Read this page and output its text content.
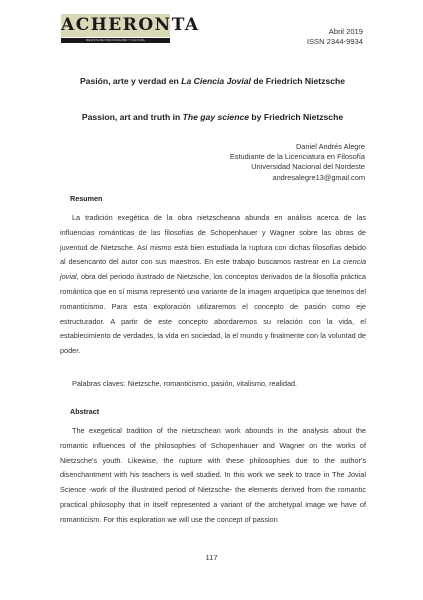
ACHERONTA
REVISTA DE PSICOANÁLISIS Y CULTURA
Abril 2019
ISSN 2344-9934
Pasión, arte y verdad en La Ciencia Jovial de Friedrich Nietzsche
Passion, art and truth in The gay science by Friedrich Nietzsche
Daniel Andrés Alegre
Estudiante de la Licenciatura en Filosofía
Universidad Nacional del Nordeste
andresalegre13@gmail.com
Resumen
La tradición exegética de la obra nietzscheana abunda en análisis acerca de las influencias románticas de las filosofías de Schopenhauer y Wagner sobre las obras de juventud de Nietzsche. Así mismo está bien estudiada la ruptura con dichas filosofías debido al desencanto del autor con sus maestros. En este trabajo buscamos rastrear en La ciencia jovial, obra del periodo ilustrado de Nietzsche, los conceptos derivados de la filosofía práctica romántica que en sí misma representó una variante de la imagen arquetípica que tenemos del romanticismo. Para esta exploración utilizaremos el concepto de pasión como eje estructurador. A partir de este concepto abordaremos su relación con la vida, el establecimiento de verdades, la vida en sociedad, la el mundo y finalmente con la voluntad de poder.
Palabras claves: Nietzsche, romanticismo, pasión, vitalismo, realidad.
Abstract
The exegetical tradition of the nietzschean work abounds in the analysis about the romantic influences of the philosophies of Schopenhauer and Wagner on the works of Nietzsche's youth. Likewise, the rupture with these philosophies due to the author's disenchantment with his teachers is well studied. In this work we seek to trace in The Jovial Science -work of the illustrated period of Nietzsche- the elements derived from the romantic practical philosophy that in itself represented a variant of the archetypal image we have of romanticism. For this exploration we will use the concept of passion
117
